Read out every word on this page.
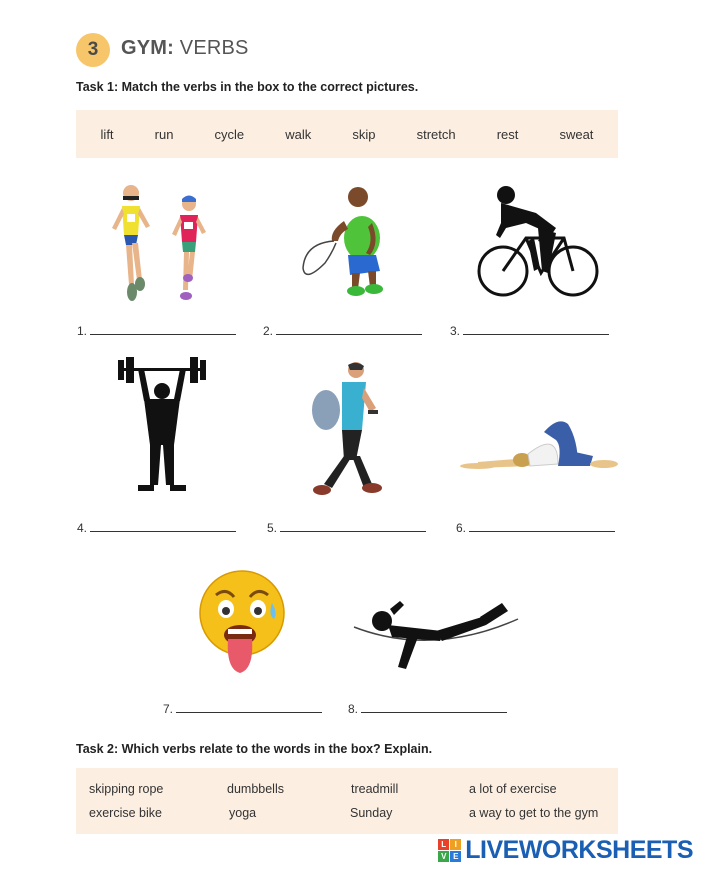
3	GYM: VERBS
Task 1: Match the verbs in the box to the correct pictures.
lift	run	cycle	walk	skip	stretch	rest	sweat
1.	2.	3.
4.	5.	6.
7.	8.
Task 2: Which verbs relate to the words in the box? Explain.
skipping rope	dumbbells	treadmill	a lot of exercise
exercise bike	yoga	Sunday	a way to get to the gym
L	I
V E LIVEWORKSHEETS
